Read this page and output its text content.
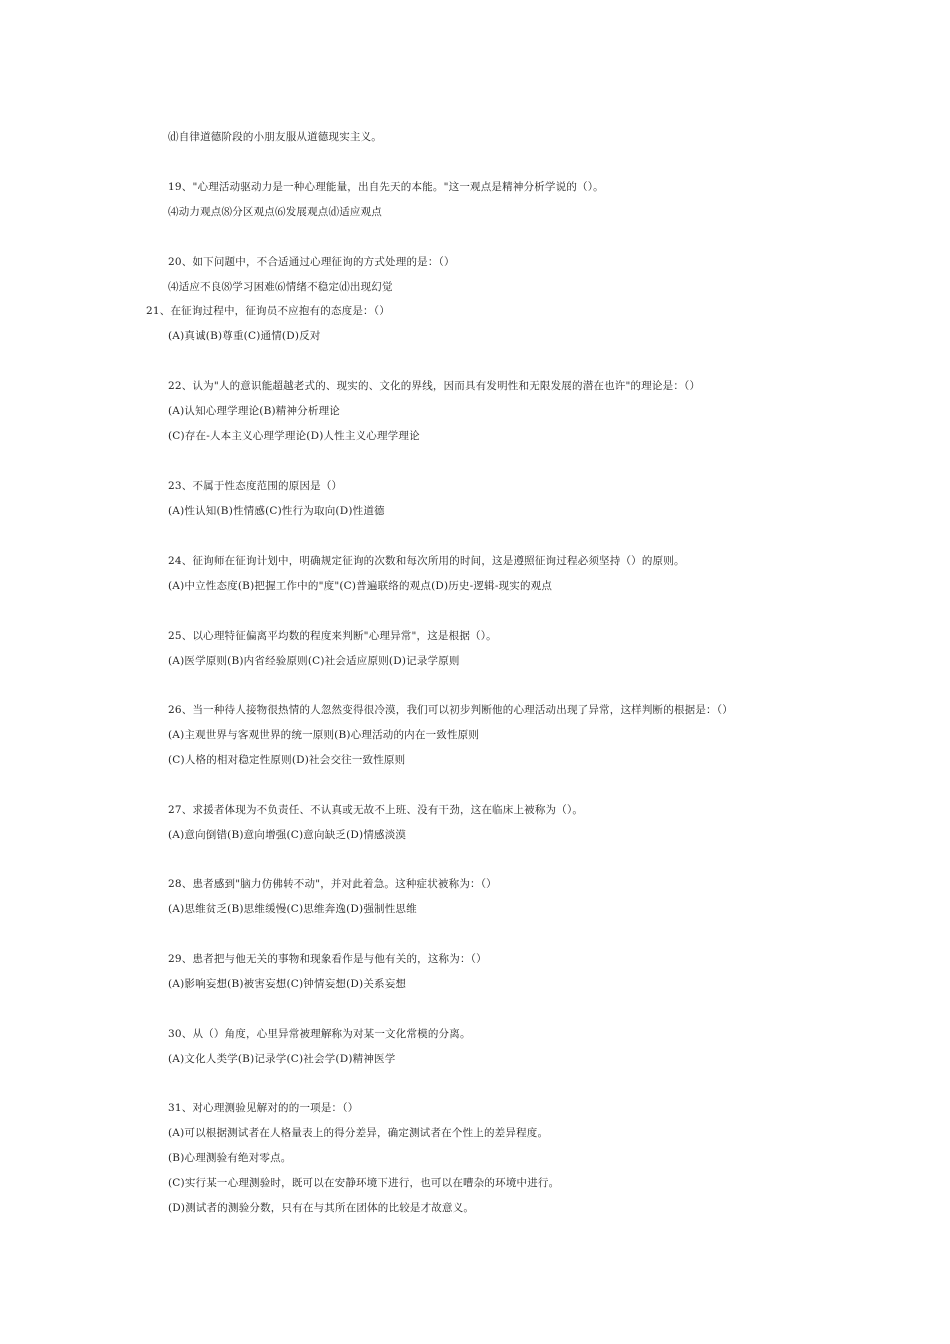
⒟自律道德阶段的小朋友服从道德现实主义。
19、"心理活动驱动力是一种心理能量，出自先天的本能。"这一观点是精神分析学说的（）。
⑷动力观点⑻分区观点⑹发展观点⒟适应观点
20、如下问题中，不合适通过心理征询的方式处理的是：（）
⑷适应不良⑻学习困难⑹情绪不稳定⒟出现幻觉
21、在征询过程中，征询员不应抱有的态度是：（）
(A)真诚(B)尊重(C)通情(D)反对
22、认为"人的意识能超越老式的、现实的、文化的界线，因而具有发明性和无限发展的潜在也许"的理论是：（）
(A)认知心理学理论(B)精神分析理论
(C)存在-人本主义心理学理论(D)人性主义心理学理论
23、不属于性态度范围的原因是（）
(A)性认知(B)性情感(C)性行为取向(D)性道德
24、征询师在征询计划中，明确规定征询的次数和每次所用的时间，这是遵照征询过程必须坚持（）的原则。
(A)中立性态度(B)把握工作中的"度"(C)普遍联络的观点(D)历史-逻辑-现实的观点
25、以心理特征偏离平均数的程度来判断"心理异常"，这是根据（）。
(A)医学原则(B)内省经验原则(C)社会适应原则(D)记录学原则
26、当一种待人接物很热情的人忽然变得很冷漠，我们可以初步判断他的心理活动出现了异常，这样判断的根据是：（）
(A)主观世界与客观世界的统一原则(B)心理活动的内在一致性原则
(C)人格的相对稳定性原则(D)社会交往一致性原则
27、求援者体现为不负责任、不认真或无故不上班、没有干劲，这在临床上被称为（）。
(A)意向倒错(B)意向增强(C)意向缺乏(D)情感淡漠
28、患者感到"脑力仿佛转不动"，并对此着急。这种症状被称为：（）
(A)思维贫乏(B)思维缓慢(C)思维奔逸(D)强制性思维
29、患者把与他无关的事物和现象看作是与他有关的，这称为：（）
(A)影响妄想(B)被害妄想(C)钟情妄想(D)关系妄想
30、从（）角度，心里异常被理解称为对某一文化常模的分离。
(A)文化人类学(B)记录学(C)社会学(D)精神医学
31、对心理测验见解对的的一项是：（）
(A)可以根据测试者在人格量表上的得分差异，确定测试者在个性上的差异程度。
(B)心理测验有绝对零点。
(C)实行某一心理测验时，既可以在安静环境下进行，也可以在嘈杂的环境中进行。
(D)测试者的测验分数，只有在与其所在团体的比较是才故意义。
